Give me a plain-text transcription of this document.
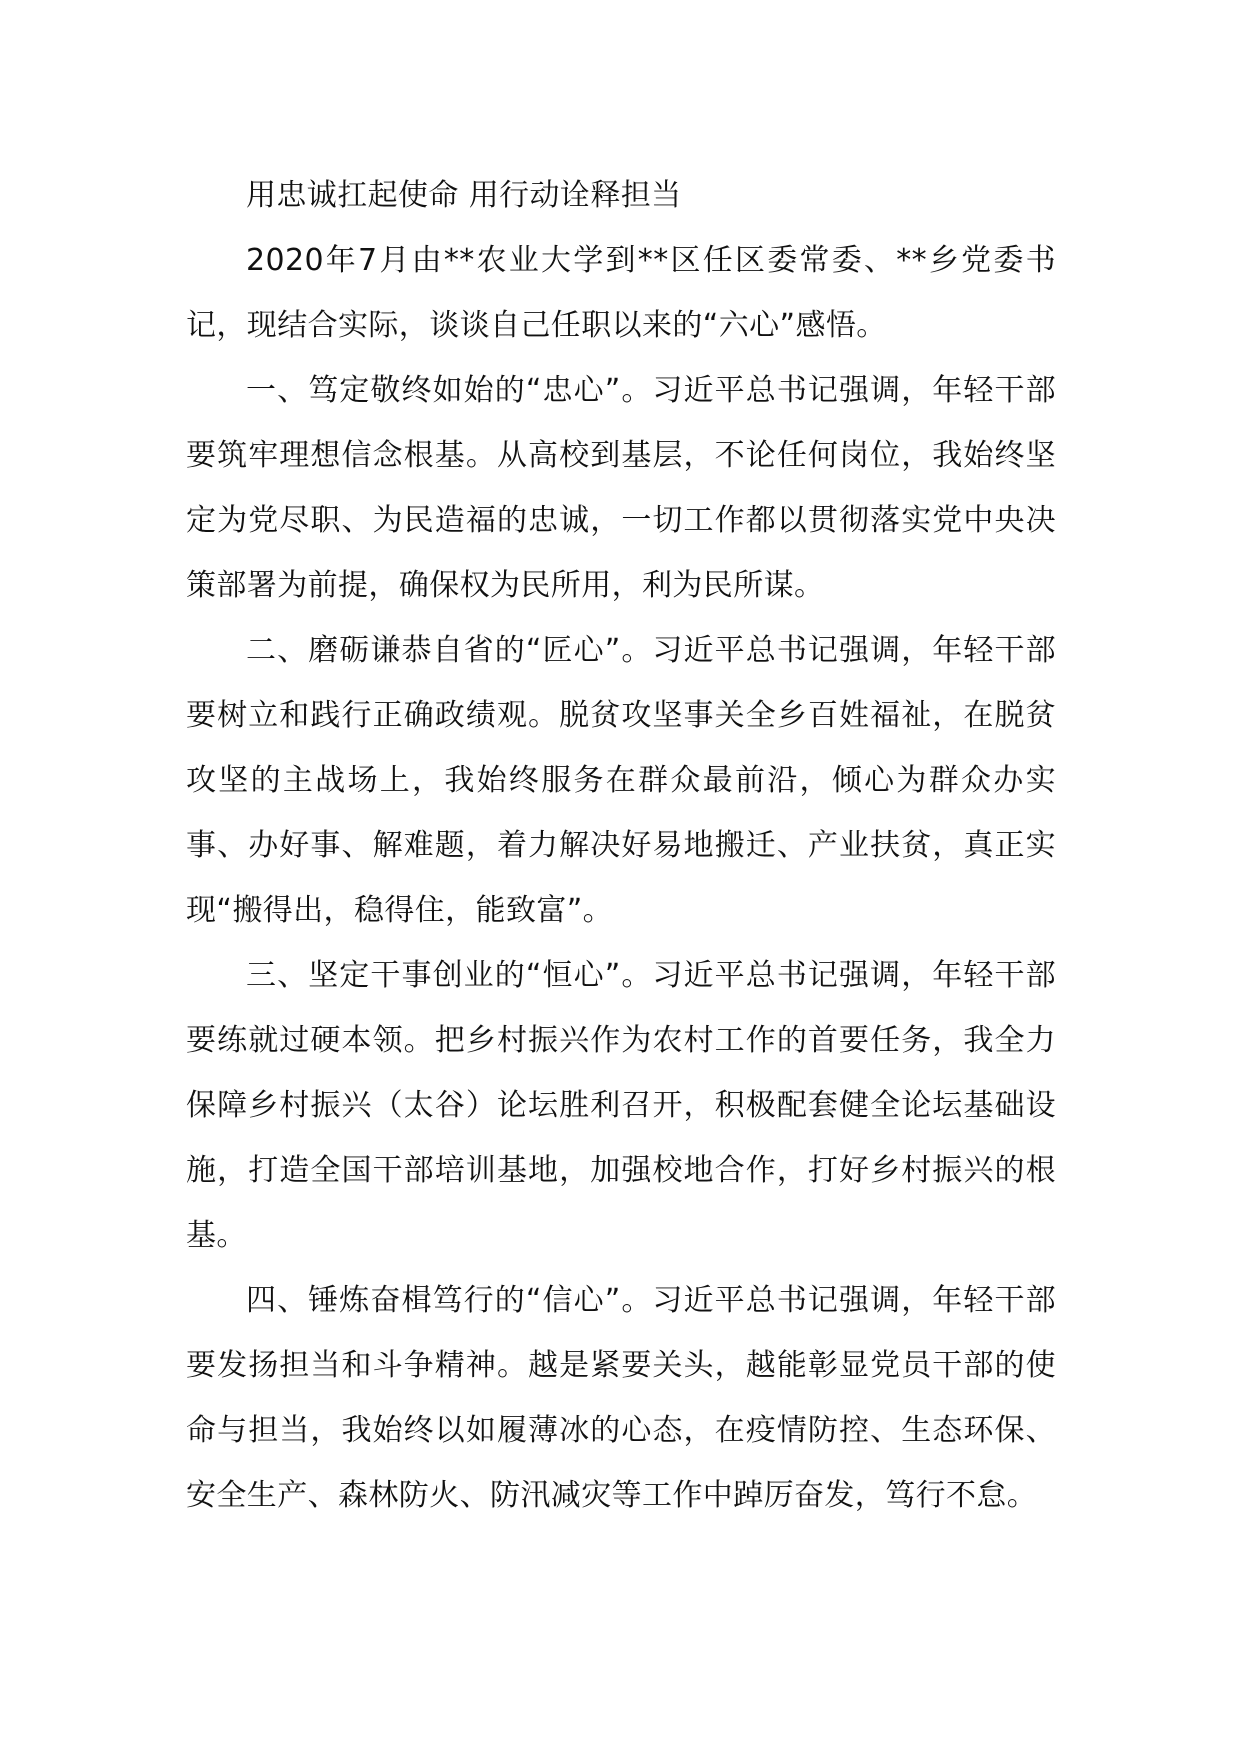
用忠诚扛起使命 用行动诠释担当

2020年7月由**农业大学到**区任区委常委、**乡党委书记，现结合实际，谈谈自己任职以来的“六心”感悟。

一、笃定敬终如始的“忠心”。习近平总书记强调，年轻干部要筑牢理想信念根基。从高校到基层，不论任何岗位，我始终坚定为党尽职、为民造福的忠诚，一切工作都以贯彻落实党中央决策部署为前提，确保权为民所用，利为民所谋。

二、磨砺谦恭自省的“匠心”。习近平总书记强调，年轻干部要树立和践行正确政绩观。脱贫攻坚事关全乡百姓福祉，在脱贫攻坚的主战场上，我始终服务在群众最前沿，倾心为群众办实事、办好事、解难题，着力解决好易地搬迁、产业扶贫，真正实现“搬得出，稳得住，能致富”。

三、坚定干事创业的“恒心”。习近平总书记强调，年轻干部要练就过硬本领。把乡村振兴作为农村工作的首要任务，我全力保障乡村振兴（太谷）论坛胜利召开，积极配套健全论坛基础设施，打造全国干部培训基地，加强校地合作，打好乡村振兴的根基。

四、锤炼奋楫笃行的“信心”。习近平总书记强调，年轻干部要发扬担当和斗争精神。越是紧要关头，越能彰显党员干部的使命与担当，我始终以如履薄冰的心态，在疫情防控、生态环保、安全生产、森林防火、防汛减灾等工作中踔厉奋发，笃行不怠。
